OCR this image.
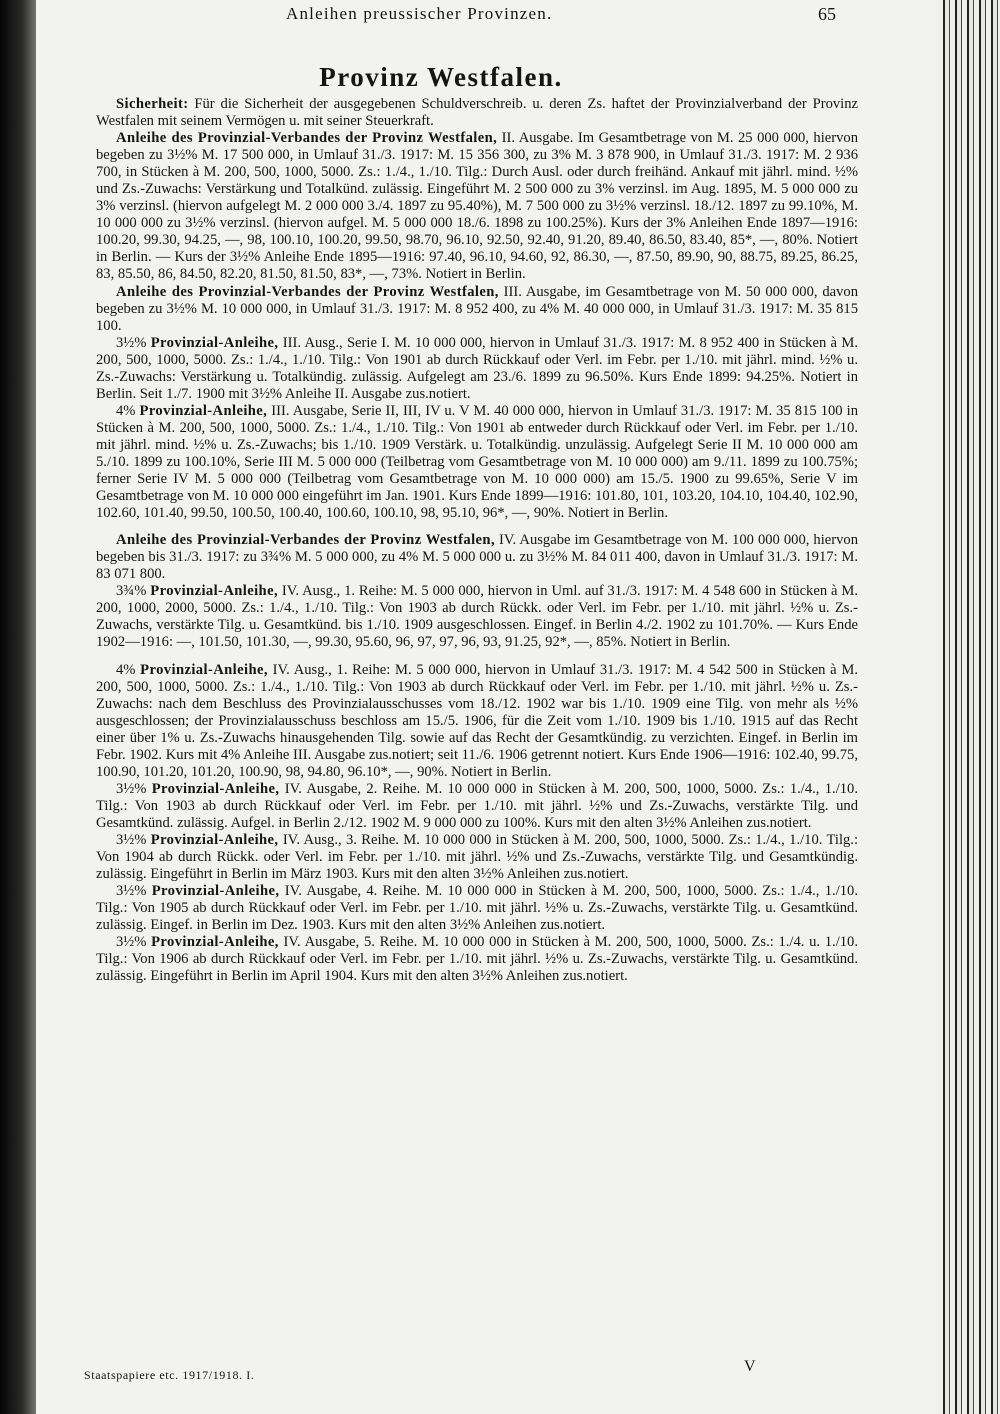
Anleihen preussischer Provinzen.	65
Provinz Westfalen.

Sicherheit: Für die Sicherheit der ausgegebenen Schuldverschreib. u. deren Zs. haftet der Provinzialverband der Provinz Westfalen mit seinem Vermögen u. mit seiner Steuerkraft.

Anleihe des Provinzial-Verbandes der Provinz Westfalen, II. Ausgabe. Im Gesamtbetrage von M. 25 000 000, hiervon begeben zu 3½% M. 17 500 000, in Umlauf 31./3. 1917: M. 15 356 300, zu 3% M. 3 878 900, in Umlauf 31./3. 1917: M. 2 936 700, in Stücken à M. 200, 500, 1000, 5000. Zs.: 1./4., 1./10. Tilg.: Durch Ausl. oder durch freihänd. Ankauf mit jährl. mind. ½% und Zs.-Zuwachs: Verstärkung und Totalkünd. zulässig. Eingeführt M. 2 500 000 zu 3% verzinsl. im Aug. 1895, M. 5 000 000 zu 3% verzinsl. (hiervon aufgelegt M. 2 000 000 3./4. 1897 zu 95.40%), M. 7 500 000 zu 3½% verzinsl. 18./12. 1897 zu 99.10%, M. 10 000 000 zu 3½% verzinsl. (hiervon aufgel. M. 5 000 000 18./6. 1898 zu 100.25%). Kurs der 3% Anleihen Ende 1897—1916: 100.20, 99.30, 94.25, —, 98, 100.10, 100.20, 99.50, 98.70, 96.10, 92.50, 92.40, 91.20, 89.40, 86.50, 83.40, 85*, —, 80%. Notiert in Berlin. — Kurs der 3½% Anleihe Ende 1895—1916: 97.40, 96.10, 94.60, 92, 86.30, —, 87.50, 89.90, 90, 88.75, 89.25, 86.25, 83, 85.50, 86, 84.50, 82.20, 81.50, 81.50, 83*, —, 73%. Notiert in Berlin.

Anleihe des Provinzial-Verbandes der Provinz Westfalen, III. Ausgabe, im Gesamtbetrage von M. 50 000 000, davon begeben zu 3½% M. 10 000 000, in Umlauf 31./3. 1917: M. 8 952 400, zu 4% M. 40 000 000, in Umlauf 31./3. 1917: M. 35 815 100.

3½% Provinzial-Anleihe, III. Ausg., Serie I. M. 10 000 000, hiervon in Umlauf 31./3. 1917: M. 8 952 400 in Stücken à M. 200, 500, 1000, 5000. Zs.: 1./4., 1./10. Tilg.: Von 1901 ab durch Rückkauf oder Verl. im Febr. per 1./10. mit jährl. mind. ½% u. Zs.-Zuwachs: Verstärkung u. Totalkündig. zulässig. Aufgelegt am 23./6. 1899 zu 96.50%. Kurs Ende 1899: 94.25%. Notiert in Berlin. Seit 1./7. 1900 mit 3½% Anleihe II. Ausgabe zus.notiert.

4% Provinzial-Anleihe, III. Ausgabe, Serie II, III, IV u. V M. 40 000 000, hiervon in Umlauf 31./3. 1917: M. 35 815 100 in Stücken à M. 200, 500, 1000, 5000. Zs.: 1./4., 1./10. Tilg.: Von 1901 ab entweder durch Rückkauf oder Verl. im Febr. per 1./10. mit jährl. mind. ½% u. Zs.-Zuwachs; bis 1./10. 1909 Verstärk. u. Totalkündig. unzulässig. Aufgelegt Serie II M. 10 000 000 am 5./10. 1899 zu 100.10%, Serie III M. 5 000 000 (Teilbetrag vom Gesamtbetrage von M. 10 000 000) am 9./11. 1899 zu 100.75%; ferner Serie IV M. 5 000 000 (Teilbetrag vom Gesamtbetrage von M. 10 000 000) am 15./5. 1900 zu 99.65%, Serie V im Gesamtbetrage von M. 10 000 000 eingeführt im Jan. 1901. Kurs Ende 1899—1916: 101.80, 101, 103.20, 104.10, 104.40, 102.90, 102.60, 101.40, 99.50, 100.50, 100.40, 100.60, 100.10, 98, 95.10, 96*, —, 90%. Notiert in Berlin.

Anleihe des Provinzial-Verbandes der Provinz Westfalen, IV. Ausgabe im Gesamtbetrage von M. 100 000 000, hiervon begeben bis 31./3. 1917: zu 3¾% M. 5 000 000, zu 4% M. 5 000 000 u. zu 3½% M. 84 011 400, davon in Umlauf 31./3. 1917: M. 83 071 800.

3¾% Provinzial-Anleihe, IV. Ausg., 1. Reihe: M. 5 000 000, hiervon in Uml. auf 31./3. 1917: M. 4 548 600 in Stücken à M. 200, 1000, 2000, 5000. Zs.: 1./4., 1./10. Tilg.: Von 1903 ab durch Rückk. oder Verl. im Febr. per 1./10. mit jährl. ½% u. Zs.-Zuwachs, verstärkte Tilg. u. Gesamtkünd. bis 1./10. 1909 ausgeschlossen. Eingef. in Berlin 4./2. 1902 zu 101.70%. — Kurs Ende 1902—1916: —, 101.50, 101.30, —, 99.30, 95.60, 96, 97, 97, 96, 93, 91.25, 92*, —, 85%. Notiert in Berlin.

4% Provinzial-Anleihe, IV. Ausg., 1. Reihe: M. 5 000 000, hiervon in Umlauf 31./3. 1917: M. 4 542 500 in Stücken à M. 200, 500, 1000, 5000. Zs.: 1./4., 1./10. Tilg.: Von 1903 ab durch Rückkauf oder Verl. im Febr. per 1./10. mit jährl. ½% u. Zs.-Zuwachs: nach dem Beschluss des Provinzialausschusses vom 18./12. 1902 war bis 1./10. 1909 eine Tilg. von mehr als ½% ausgeschlossen; der Provinzialausschuss beschloss am 15./5. 1906, für die Zeit vom 1./10. 1909 bis 1./10. 1915 auf das Recht einer über 1% u. Zs.-Zuwachs hinausgehenden Tilg. sowie auf das Recht der Gesamtkündig. zu verzichten. Eingef. in Berlin im Febr. 1902. Kurs mit 4% Anleihe III. Ausgabe zus.notiert; seit 11./6. 1906 getrennt notiert. Kurs Ende 1906—1916: 102.40, 99.75, 100.90, 101.20, 101.20, 100.90, 98, 94.80, 96.10*, —, 90%. Notiert in Berlin.

3½% Provinzial-Anleihe, IV. Ausgabe, 2. Reihe. M. 10 000 000 in Stücken à M. 200, 500, 1000, 5000. Zs.: 1./4., 1./10. Tilg.: Von 1903 ab durch Rückkauf oder Verl. im Febr. per 1./10. mit jährl. ½% und Zs.-Zuwachs, verstärkte Tilg. und Gesamtkünd. zulässig. Aufgel. in Berlin 2./12. 1902 M. 9 000 000 zu 100%. Kurs mit den alten 3½% Anleihen zus.notiert.

3½% Provinzial-Anleihe, IV. Ausg., 3. Reihe. M. 10 000 000 in Stücken à M. 200, 500, 1000, 5000. Zs.: 1./4., 1./10. Tilg.: Von 1904 ab durch Rückk. oder Verl. im Febr. per 1./10. mit jährl. ½% und Zs.-Zuwachs, verstärkte Tilg. und Gesamtkündig. zulässig. Eingeführt in Berlin im März 1903. Kurs mit den alten 3½% Anleihen zus.notiert.

3½% Provinzial-Anleihe, IV. Ausgabe, 4. Reihe. M. 10 000 000 in Stücken à M. 200, 500, 1000, 5000. Zs.: 1./4., 1./10. Tilg.: Von 1905 ab durch Rückkauf oder Verl. im Febr. per 1./10. mit jährl. ½% u. Zs.-Zuwachs, verstärkte Tilg. u. Gesamtkünd. zulässig. Eingef. in Berlin im Dez. 1903. Kurs mit den alten 3½% Anleihen zus.notiert.

3½% Provinzial-Anleihe, IV. Ausgabe, 5. Reihe. M. 10 000 000 in Stücken à M. 200, 500, 1000, 5000. Zs.: 1./4. u. 1./10. Tilg.: Von 1906 ab durch Rückkauf oder Verl. im Febr. per 1./10. mit jährl. ½% u. Zs.-Zuwachs, verstärkte Tilg. u. Gesamtkünd. zulässig. Eingeführt in Berlin im April 1904. Kurs mit den alten 3½% Anleihen zus.notiert.

Staatspapiere etc. 1917/1918. I.	V
